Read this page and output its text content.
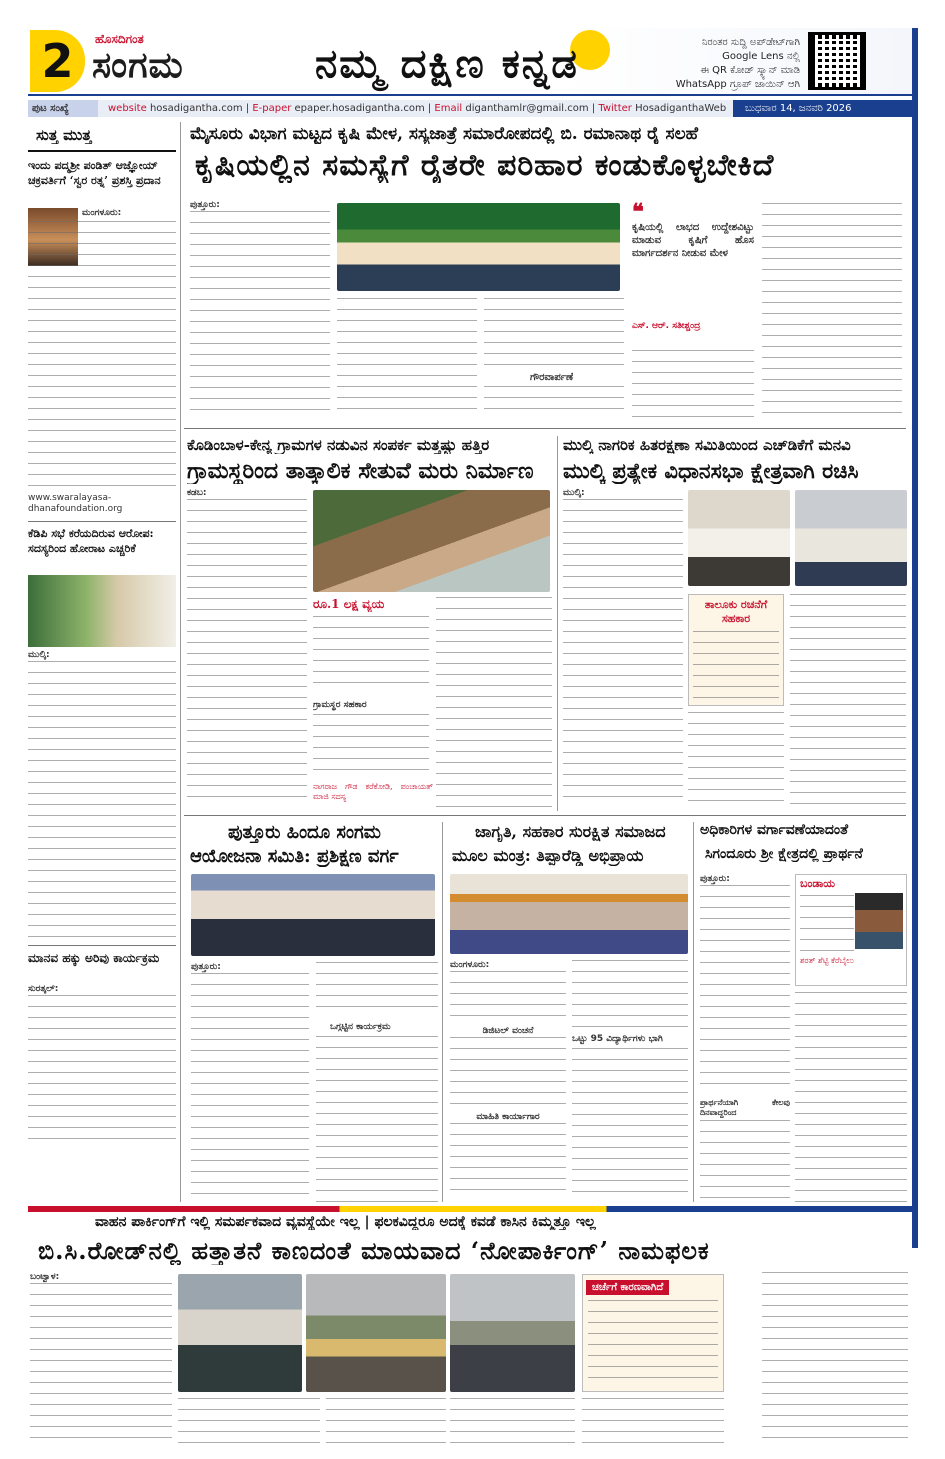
2	ಹೊಸದಿಗಂತ
ಸಂಗಮ	ನಮ್ಮ ದಕ್ಷಿಣ ಕನ್ನಡ	ನಿರಂತರ ಸುದ್ದಿ ಅಪ್‌ಡೇಟ್‌ಗಾಗಿ
Google Lens ನಲ್ಲಿ
ಈ QR ಕೋಡ್ ಸ್ಕ್ಯಾನ್ ಮಾಡಿ
WhatsApp ಗ್ರೂಪ್ ಜಾಯಿನ್ ಆಗಿ
ಪುಟ ಸಂಖ್ಯೆ	website hosadigantha.com | E-paper epaper.hosadigantha.com | Email diganthamlr@gmail.com | Twitter HosadiganthaWeb	ಬುಧವಾರ 14, ಜನವರಿ 2026
ಸುತ್ತ ಮುತ್ತ
ಇಂದು ಪದ್ಮಶ್ರೀ ಪಂಡಿತ್ ಆಜ್ಞೋಯ್ ಚಕ್ರವರ್ತಿಗೆ ‘ಸ್ವರ ರತ್ನ’ ಪ್ರಶಸ್ತಿ ಪ್ರದಾನ
ಮಂಗಳೂರು:
www.swaralayasa-dhanafoundation.org
ಕೆಡಿಪಿ ಸಭೆ ಕರೆಯದಿರುವ ಆರೋಪ: ಸದಸ್ಯರಿಂದ ಹೋರಾಟ ಎಚ್ಚರಿಕೆ
ಮುಲ್ಕಿ:
ಮಾನವ ಹಕ್ಕು ಅರಿವು ಕಾರ್ಯಕ್ರಮ
ಸುರತ್ಕಲ್:
ಮೈಸೂರು ವಿಭಾಗ ಮಟ್ಟದ ಕೃಷಿ ಮೇಳ, ಸಸ್ಯಜಾತ್ರೆ ಸಮಾರೋಪದಲ್ಲಿ ಬಿ. ರಮಾನಾಥ ರೈ ಸಲಹೆ
ಕೃಷಿಯಲ್ಲಿನ ಸಮಸ್ಯೆಗೆ ರೈತರೇ ಪರಿಹಾರ ಕಂಡುಕೊಳ್ಳಬೇಕಿದೆ
ಪುತ್ತೂರು:
ಗೌರವಾರ್ಪಣೆ
❝
ಕೃಷಿಯಲ್ಲಿ ಲಾಭದ ಉದ್ದೇಶವಿಟ್ಟು ಮಾಡುವ ಕೃಷಿಗೆ ಹೊಸ ಮಾರ್ಗದರ್ಶನ ನೀಡುವ ಮೇಳ
ಎಸ್. ಆರ್. ಸತೀಶ್ಚಂದ್ರ
ಕೊಡಿಂಬಾಳ-ಕೇನ್ಯ ಗ್ರಾಮಗಳ ನಡುವಿನ ಸಂಪರ್ಕ ಮತ್ತಷ್ಟು ಹತ್ತಿರ
ಗ್ರಾಮಸ್ಥರಿಂದ ತಾತ್ಕಾಲಿಕ ಸೇತುವೆ ಮರು ನಿರ್ಮಾಣ
ಕಡಬ:
ರೂ.1 ಲಕ್ಷ ವ್ಯಯ
ಗ್ರಾಮಸ್ಥರ ಸಹಕಾರ
ನಾಗರಾಜ ಗೌಡ ಕರೆಕೋಡಿ, ಪಂಚಾಯತ್ ಮಾಜಿ ಸದಸ್ಯ
ಮುಲ್ಕಿ ನಾಗರಿಕ ಹಿತರಕ್ಷಣಾ ಸಮಿತಿಯಿಂದ ಎಚ್‌ಡಿಕೆಗೆ ಮನವಿ
ಮುಲ್ಕಿ ಪ್ರತ್ಯೇಕ ವಿಧಾನಸಭಾ ಕ್ಷೇತ್ರವಾಗಿ ರಚಿಸಿ
ಮುಲ್ಕಿ:
ತಾಲೂಕು ರಚನೆಗೆ ಸಹಕಾರ
ಪುತ್ತೂರು ಹಿಂದೂ ಸಂಗಮ
ಆಯೋಜನಾ ಸಮಿತಿ: ಪ್ರಶಿಕ್ಷಣ ವರ್ಗ
ಪುತ್ತೂರು:
ಒಗ್ಗಟ್ಟಿನ ಕಾರ್ಯಕ್ರಮ
ಜಾಗೃತಿ, ಸಹಕಾರ ಸುರಕ್ಷಿತ ಸಮಾಜದ
ಮೂಲ ಮಂತ್ರ: ತಿಪ್ಪಾರೆಡ್ಡಿ ಅಭಿಪ್ರಾಯ
ಮಂಗಳೂರು:
ಡಿಜಿಟಲ್ ವಂಚನೆ
ಮಾಹಿತಿ ಕಾರ್ಯಾಗಾರ
ಒಟ್ಟು 95 ವಿದ್ಯಾರ್ಥಿಗಳು ಭಾಗಿ
ಅಧಿಕಾರಿಗಳ ವರ್ಗಾವಣೆಯಾದಂತೆ
ಸಿಗಂದೂರು ಶ್ರೀ ಕ್ಷೇತ್ರದಲ್ಲಿ ಪ್ರಾರ್ಥನೆ
ಪುತ್ತೂರು:	ಬಂಡಾಯ
ಶರತ್ ಶೆಟ್ಟಿ ಕೆರೆಬೈಲು
ಪ್ರಾರ್ಥನೆಯಾಗಿ ಕೇಲವು ದಿನವಾದ್ದರಿಂದ
ವಾಹನ ಪಾರ್ಕಿಂಗ್‌ಗೆ ಇಲ್ಲಿ ಸಮರ್ಪಕವಾದ ವ್ಯವಸ್ಥೆಯೇ ಇಲ್ಲ | ಫಲಕವಿದ್ದರೂ ಅದಕ್ಕೆ ಕವಡೆ ಕಾಸಿನ ಕಿಮ್ಮತ್ತೂ ಇಲ್ಲ
ಬಿ.ಸಿ.ರೋಡ್‌ನಲ್ಲಿ ಹತ್ತಾತನೆ ಕಾಣದಂತೆ ಮಾಯವಾದ ‘ನೋಪಾರ್ಕಿಂಗ್’ ನಾಮಫಲಕ
ಬಂಟ್ವಾಳ:
ಚರ್ಚೆಗೆ ಕಾರಣವಾಗಿದೆ
